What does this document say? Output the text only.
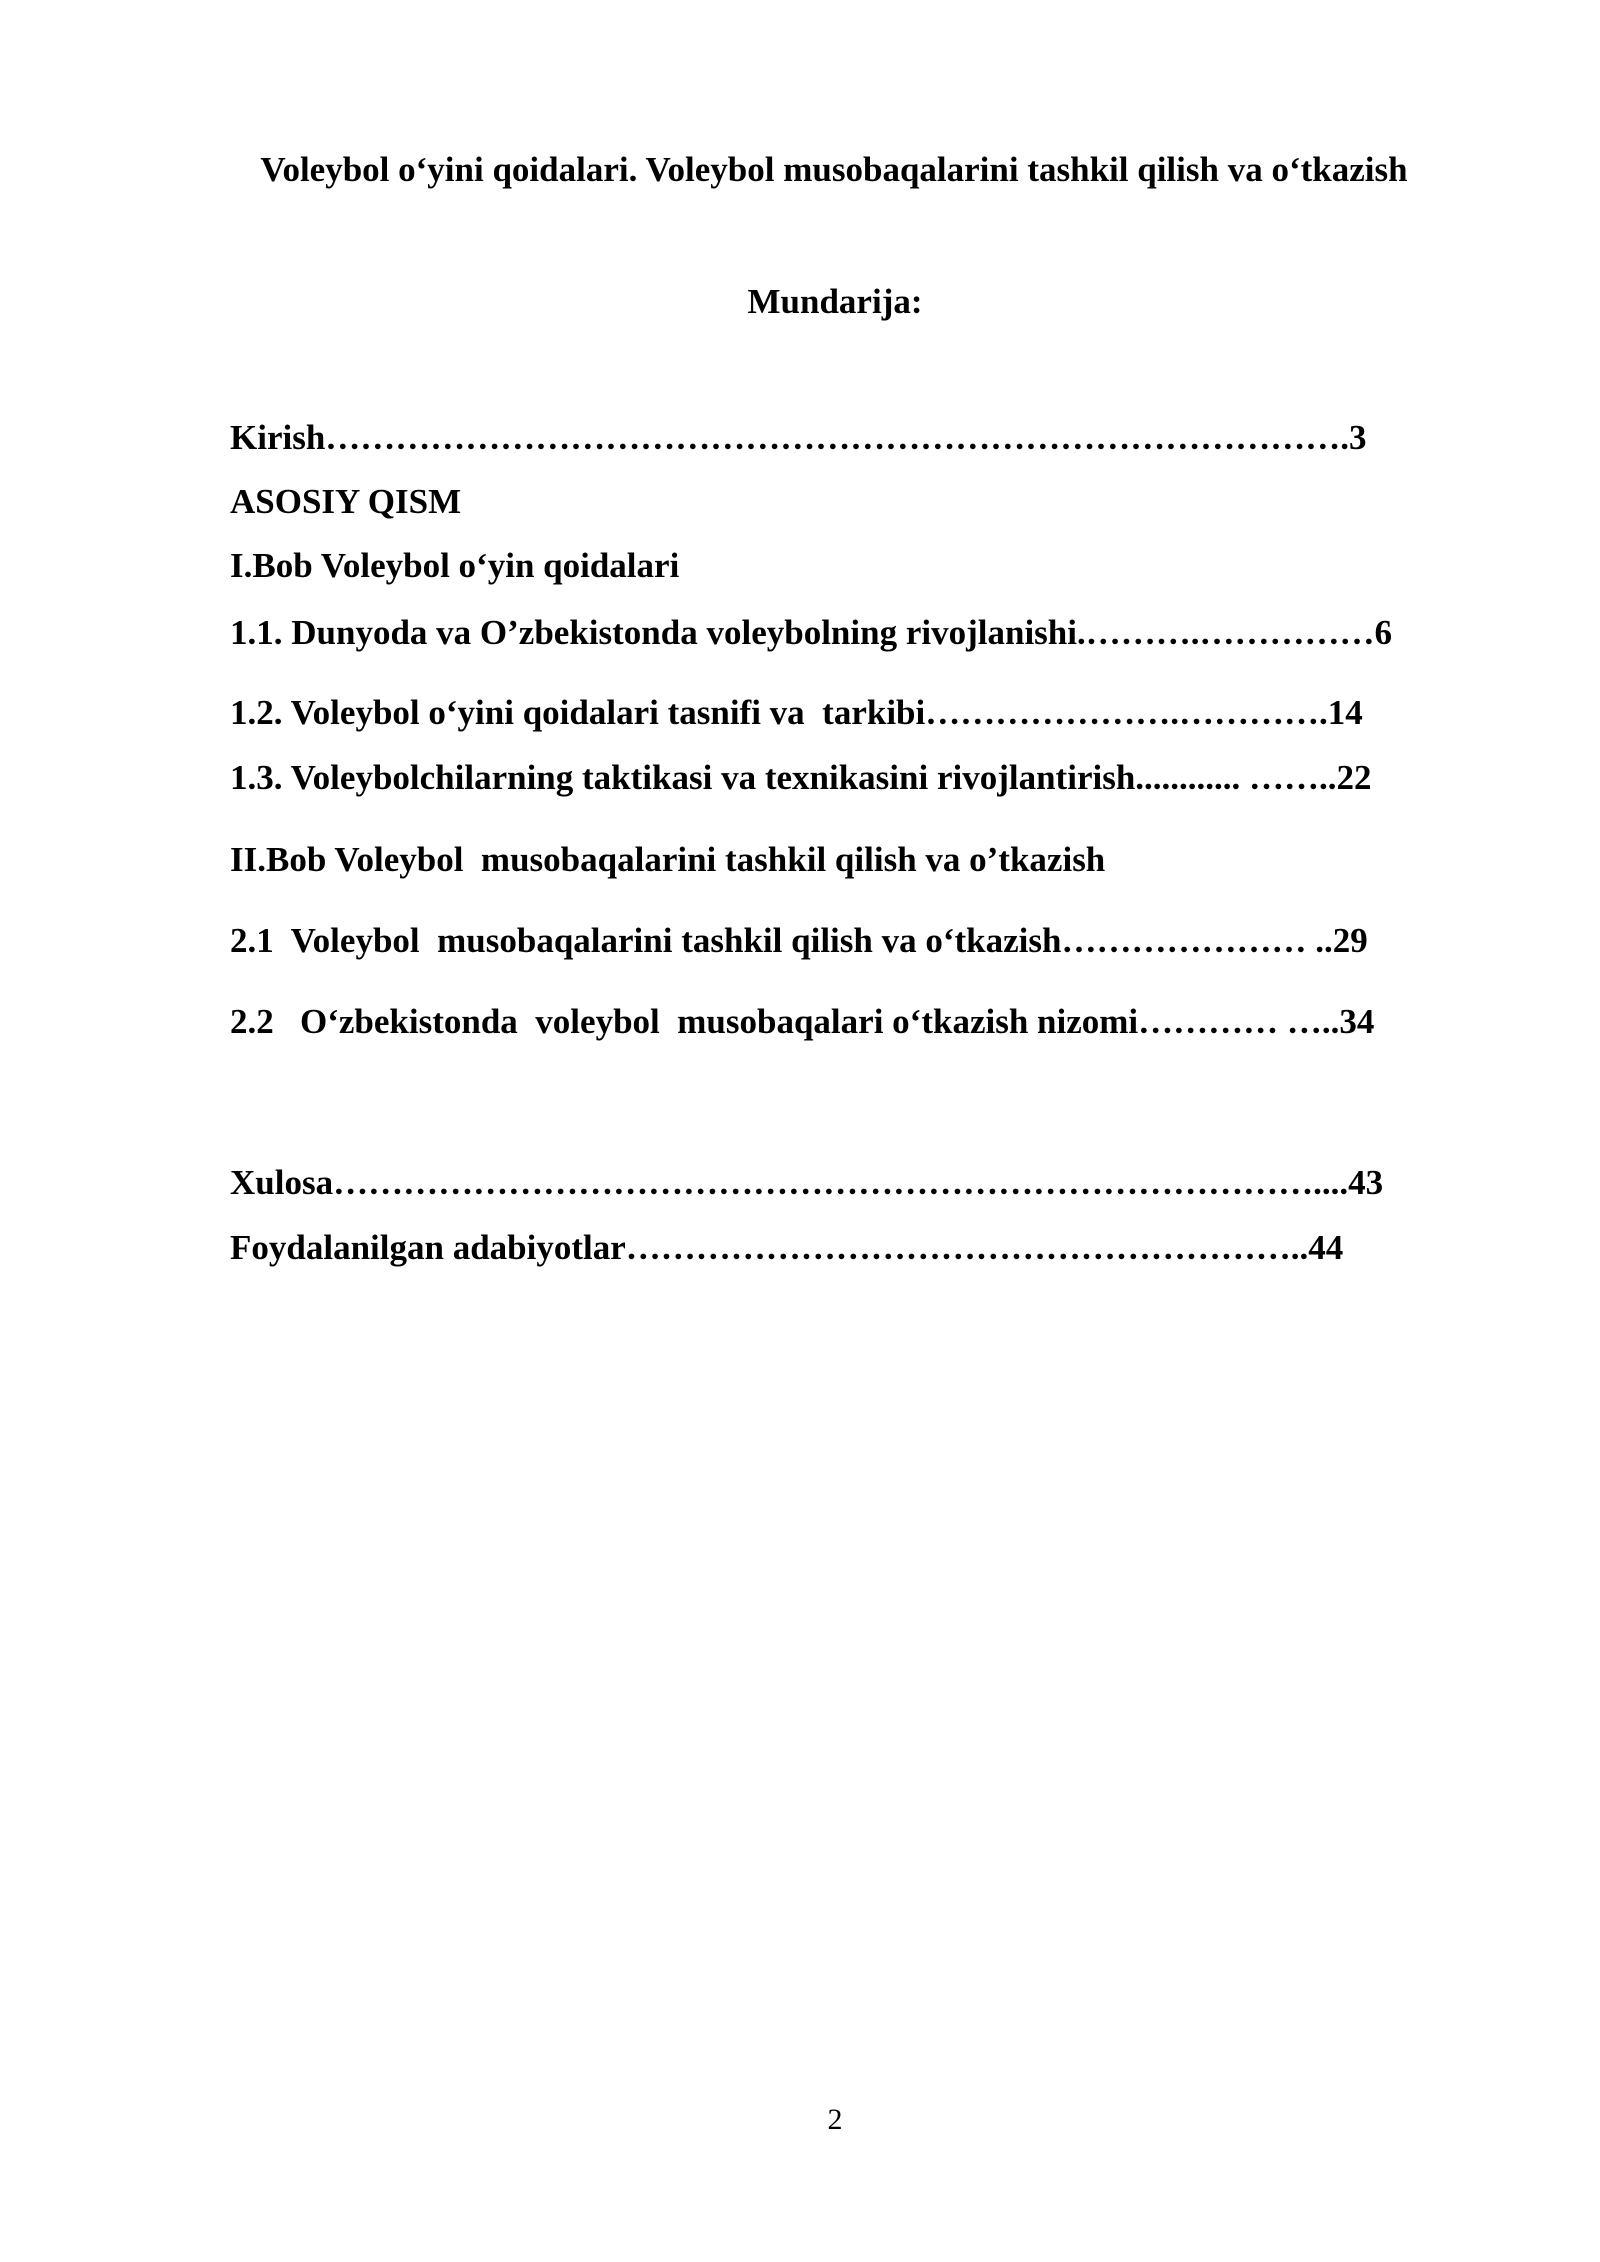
Voleybol o‘yini qoidalari. Voleybol musobaqalarini tashkil qilish va o‘tkazish
Mundarija:
Kirish…………………………………………………………………………….3
ASOSIY QISM
I.Bob Voleybol o‘yin qoidalari
1.1. Dunyoda va O’zbekistonda voleybolning rivojlanishi.……….……………6
1.2. Voleybol o‘yini qoidalari tasnifi va  tarkibi………………….………….14
1.3. Voleybolchilarning taktikasi va texnikasini rivojlantirish............ ……..22
II.Bob Voleybol  musobaqalarini tashkil qilish va o’tkazish
2.1  Voleybol  musobaqalarini tashkil qilish va o‘tkazish………………… ..29
2.2   O‘zbekistonda  voleybol  musobaqalari o‘tkazish nizomi………… …..34
Xulosa…………………………………………………………………………....43
Foydalanilgan adabiyotlar…………………………………………………..44
2
